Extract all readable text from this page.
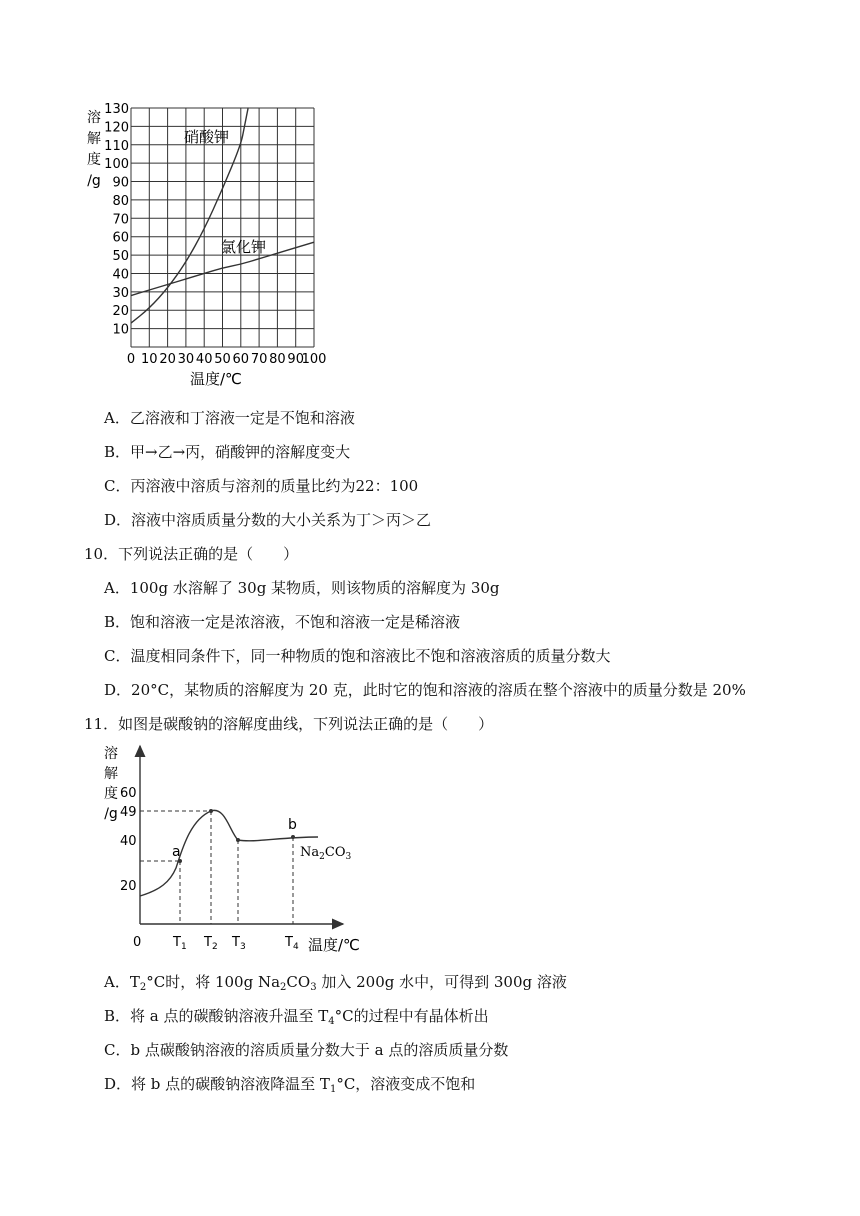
10
20
30
40
50
60
70
80
90
100
110
120
130
0 10 20 30 40 50 60 70 80 90
100
溶
解
度
/g
温度/℃
硝酸钾
氯化钾
A．乙溶液和丁溶液一定是不饱和溶液
B．甲→乙→丙，硝酸钾的溶解度变大
C．丙溶液中溶质与溶剂的质量比约为22：100
D．溶液中溶质质量分数的大小关系为丁＞丙＞乙
10．下列说法正确的是（　　）
A．100g 水溶解了 30g 某物质，则该物质的溶解度为 30g
B．饱和溶液一定是浓溶液，不饱和溶液一定是稀溶液
C．温度相同条件下，同一种物质的饱和溶液比不饱和溶液溶质的质量分数大
D．20°C，某物质的溶解度为 20 克，此时它的饱和溶液的溶质在整个溶液中的质量分数是 20%
11．如图是碳酸钠的溶解度曲线，下列说法正确的是（　　）
溶
解
度
/g
20
40
49
60
0 $T_1$ $T_2$ $T_3$	$T_4$ 温度/℃
a
b
$Na_2CO_3$
A．$T_2^\circ C$时，将 100g $Na_2CO_3$ 加入 200g 水中，可得到 300g 溶液
B．将 a 点的碳酸钠溶液升温至 $T_4^\circ C$的过程中有晶体析出
C．b 点碳酸钠溶液的溶质质量分数大于 a 点的溶质质量分数
D．将 b 点的碳酸钠溶液降温至 $T_1^\circ C$，溶液变成不饱和
